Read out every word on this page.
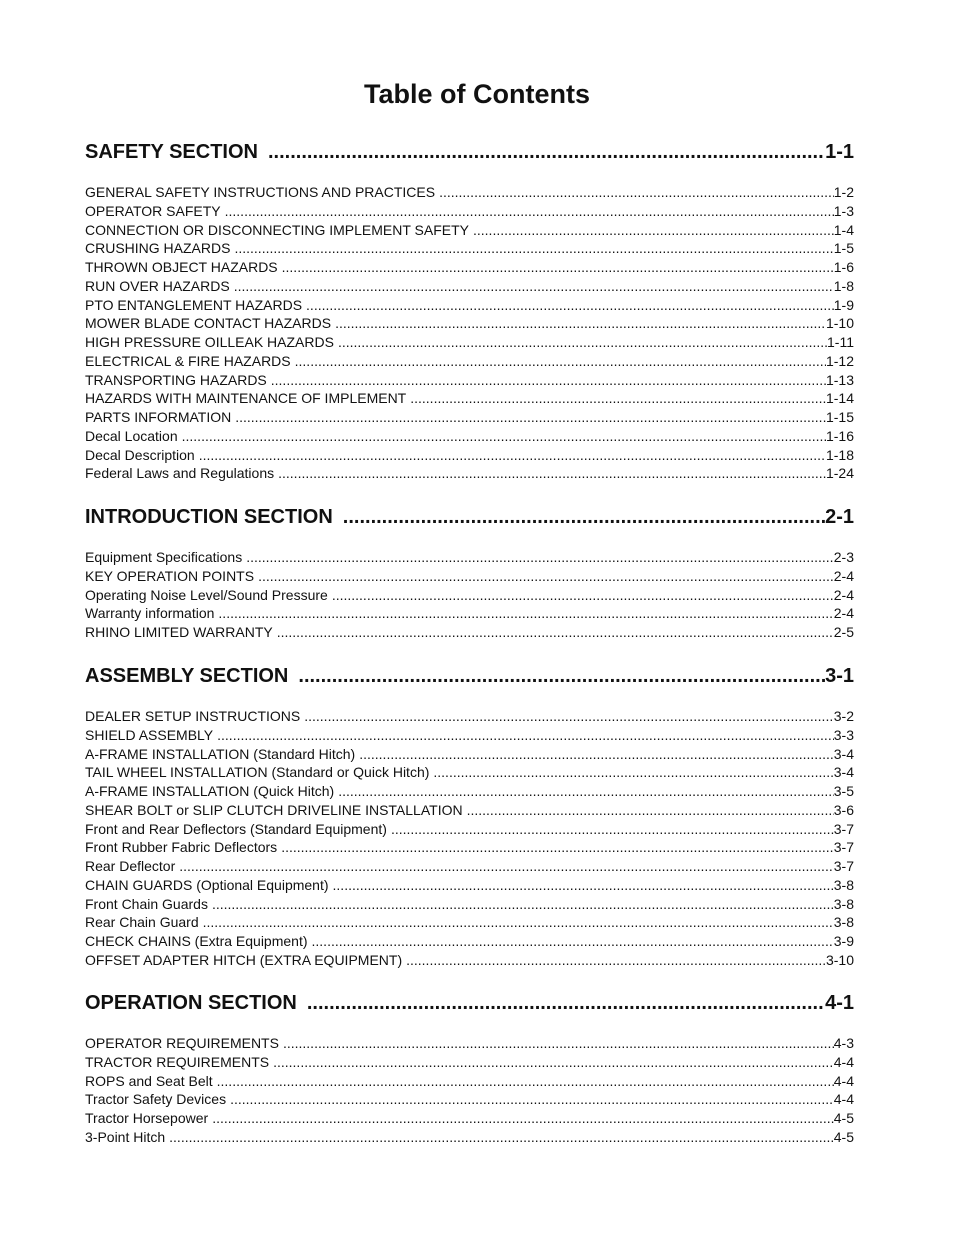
Table of Contents
SAFETY SECTION .....	1-1
GENERAL SAFETY INSTRUCTIONS AND PRACTICES .....	1-2
OPERATOR SAFETY .....	1-3
CONNECTION OR DISCONNECTING IMPLEMENT SAFETY .....	1-4
CRUSHING HAZARDS .....	1-5
THROWN OBJECT HAZARDS .....	1-6
RUN OVER HAZARDS .....	1-8
PTO ENTANGLEMENT HAZARDS .....	1-9
MOWER BLADE CONTACT HAZARDS .....	1-10
HIGH PRESSURE OILLEAK HAZARDS .....	1-11
ELECTRICAL & FIRE HAZARDS .....	1-12
TRANSPORTING HAZARDS .....	1-13
HAZARDS WITH MAINTENANCE OF IMPLEMENT .....	1-14
PARTS INFORMATION .....	1-15
Decal Location .....	1-16
Decal Description .....	1-18
Federal Laws and Regulations .....	1-24
INTRODUCTION SECTION .....	2-1
Equipment Specifications .....	2-3
KEY OPERATION POINTS .....	2-4
Operating Noise Level/Sound Pressure .....	2-4
Warranty information .....	2-4
RHINO LIMITED WARRANTY .....	2-5
ASSEMBLY SECTION .....	3-1
DEALER SETUP INSTRUCTIONS .....	3-2
SHIELD ASSEMBLY .....	3-3
A-FRAME INSTALLATION (Standard Hitch) .....	3-4
TAIL WHEEL INSTALLATION (Standard or Quick Hitch) .....	3-4
A-FRAME INSTALLATION (Quick Hitch) .....	3-5
SHEAR BOLT or SLIP CLUTCH DRIVELINE INSTALLATION .....	3-6
Front and Rear Deflectors (Standard Equipment) .....	3-7
Front Rubber Fabric Deflectors .....	3-7
Rear Deflector .....	3-7
CHAIN GUARDS (Optional Equipment) .....	3-8
Front Chain Guards .....	3-8
Rear Chain Guard .....	3-8
CHECK CHAINS (Extra Equipment) .....	3-9
OFFSET ADAPTER HITCH (EXTRA EQUIPMENT) .....	3-10
OPERATION SECTION .....	4-1
OPERATOR REQUIREMENTS .....	4-3
TRACTOR REQUIREMENTS .....	4-4
ROPS and Seat Belt .....	4-4
Tractor Safety Devices .....	4-4
Tractor Horsepower .....	4-5
3-Point Hitch .....	4-5
